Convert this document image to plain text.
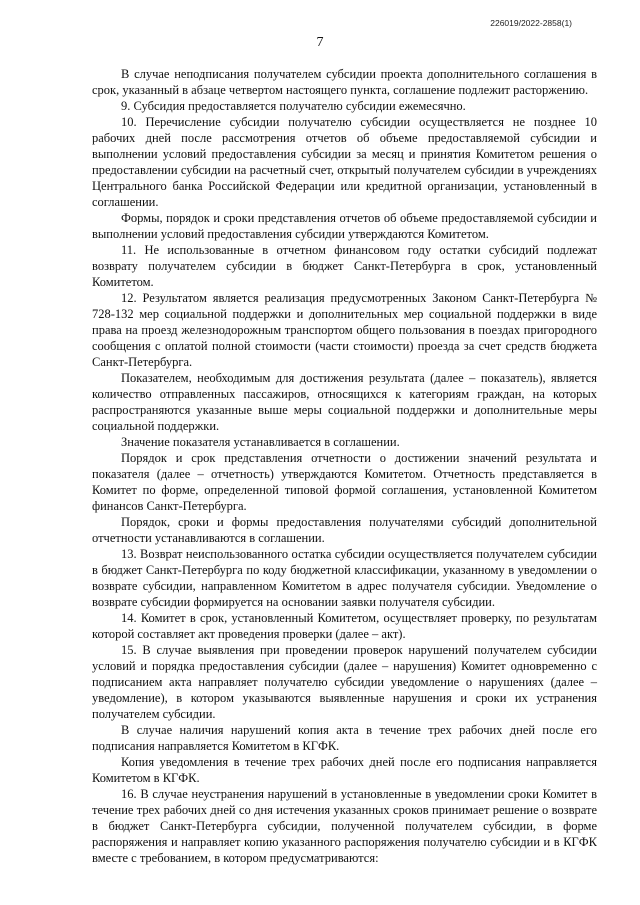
226019/2022-2858(1)
7

В случае неподписания получателем субсидии проекта дополнительного соглашения в срок, указанный в абзаце четвертом настоящего пункта, соглашение подлежит расторжению.

9. Субсидия предоставляется получателю субсидии ежемесячно.

10. Перечисление субсидии получателю субсидии осуществляется не позднее 10 рабочих дней после рассмотрения отчетов об объеме предоставляемой субсидии и выполнении условий предоставления субсидии за месяц и принятия Комитетом решения о предоставлении субсидии на расчетный счет, открытый получателем субсидии в учреждениях Центрального банка Российской Федерации или кредитной организации, установленный в соглашении.

Формы, порядок и сроки представления отчетов об объеме предоставляемой субсидии и выполнении условий предоставления субсидии утверждаются Комитетом.

11. Не использованные в отчетном финансовом году остатки субсидий подлежат возврату получателем субсидии в бюджет Санкт-Петербурга в срок, установленный Комитетом.

12. Результатом является реализация предусмотренных Законом Санкт-Петербурга № 728-132 мер социальной поддержки и дополнительных мер социальной поддержки в виде права на проезд железнодорожным транспортом общего пользования в поездах пригородного сообщения с оплатой полной стоимости (части стоимости) проезда за счет средств бюджета Санкт-Петербурга.

Показателем, необходимым для достижения результата (далее – показатель), является количество отправленных пассажиров, относящихся к категориям граждан, на которых распространяются указанные выше меры социальной поддержки и дополнительные меры социальной поддержки.

Значение показателя устанавливается в соглашении.

Порядок и срок представления отчетности о достижении значений результата и показателя (далее – отчетность) утверждаются Комитетом. Отчетность представляется в Комитет по форме, определенной типовой формой соглашения, установленной Комитетом финансов Санкт-Петербурга.

Порядок, сроки и формы предоставления получателями субсидий дополнительной отчетности устанавливаются в соглашении.

13. Возврат неиспользованного остатка субсидии осуществляется получателем субсидии в бюджет Санкт-Петербурга по коду бюджетной классификации, указанному в уведомлении о возврате субсидии, направленном Комитетом в адрес получателя субсидии. Уведомление о возврате субсидии формируется на основании заявки получателя субсидии.

14. Комитет в срок, установленный Комитетом, осуществляет проверку, по результатам которой составляет акт проведения проверки (далее – акт).

15. В случае выявления при проведении проверок нарушений получателем субсидии условий и порядка предоставления субсидии (далее – нарушения) Комитет одновременно с подписанием акта направляет получателю субсидии уведомление о нарушениях (далее – уведомление), в котором указываются выявленные нарушения и сроки их устранения получателем субсидии.

В случае наличия нарушений копия акта в течение трех рабочих дней после его подписания направляется Комитетом в КГФК.

Копия уведомления в течение трех рабочих дней после его подписания направляется Комитетом в КГФК.

16. В случае неустранения нарушений в установленные в уведомлении сроки Комитет в течение трех рабочих дней со дня истечения указанных сроков принимает решение о возврате в бюджет Санкт-Петербурга субсидии, полученной получателем субсидии, в форме распоряжения и направляет копию указанного распоряжения получателю субсидии и в КГФК вместе с требованием, в котором предусматриваются:
